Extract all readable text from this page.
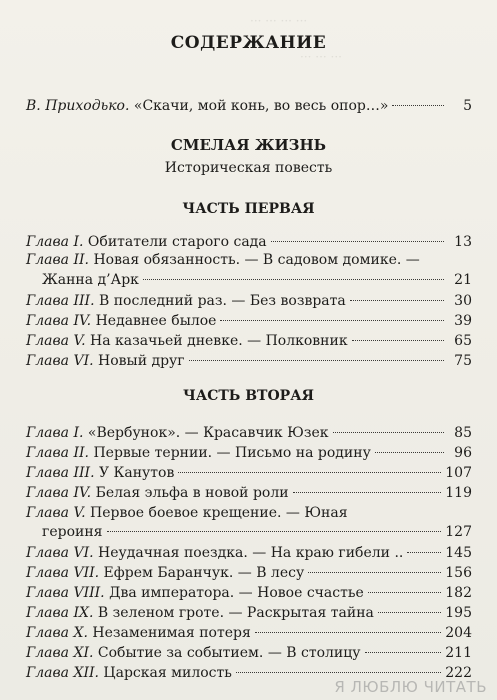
··· ··· ··· ···
··· ··· ···
СОДЕРЖАНИЕ
В. Приходько. «Скачи, мой конь, во весь опор…»	5
СМЕЛАЯ ЖИЗНЬ
Историческая повесть
ЧАСТЬ ПЕРВАЯ
Глава I. Обитатели старого сада	13
Глава II. Новая обязанность. — В садовом домике. —
Жанна д’Арк	21
Глава III. В последний раз. — Без возврата	30
Глава IV. Недавнее былое	39
Глава V. На казачьей дневке. — Полковник	65
Глава VI. Новый друг	75
ЧАСТЬ ВТОРАЯ
Глава I. «Вербунок». — Красавчик Юзек	85
Глава II. Первые тернии. — Письмо на родину	96
Глава III. У Канутов	107
Глава IV. Белая эльфа в новой роли	119
Глава V. Первое боевое крещение. — Юная
героиня	127
Глава VI. Неудачная поездка. — На краю гибели ..	145
Глава VII. Ефрем Баранчук. — В лесу	156
Глава VIII. Два императора. — Новое счастье	182
Глава IX. В зеленом гроте. — Раскрытая тайна	195
Глава X. Незаменимая потеря	204
Глава XI. Событие за событием. — В столицу	211
Глава XII. Царская милость	222
Я ЛЮБЛЮ ЧИТАТЬ
